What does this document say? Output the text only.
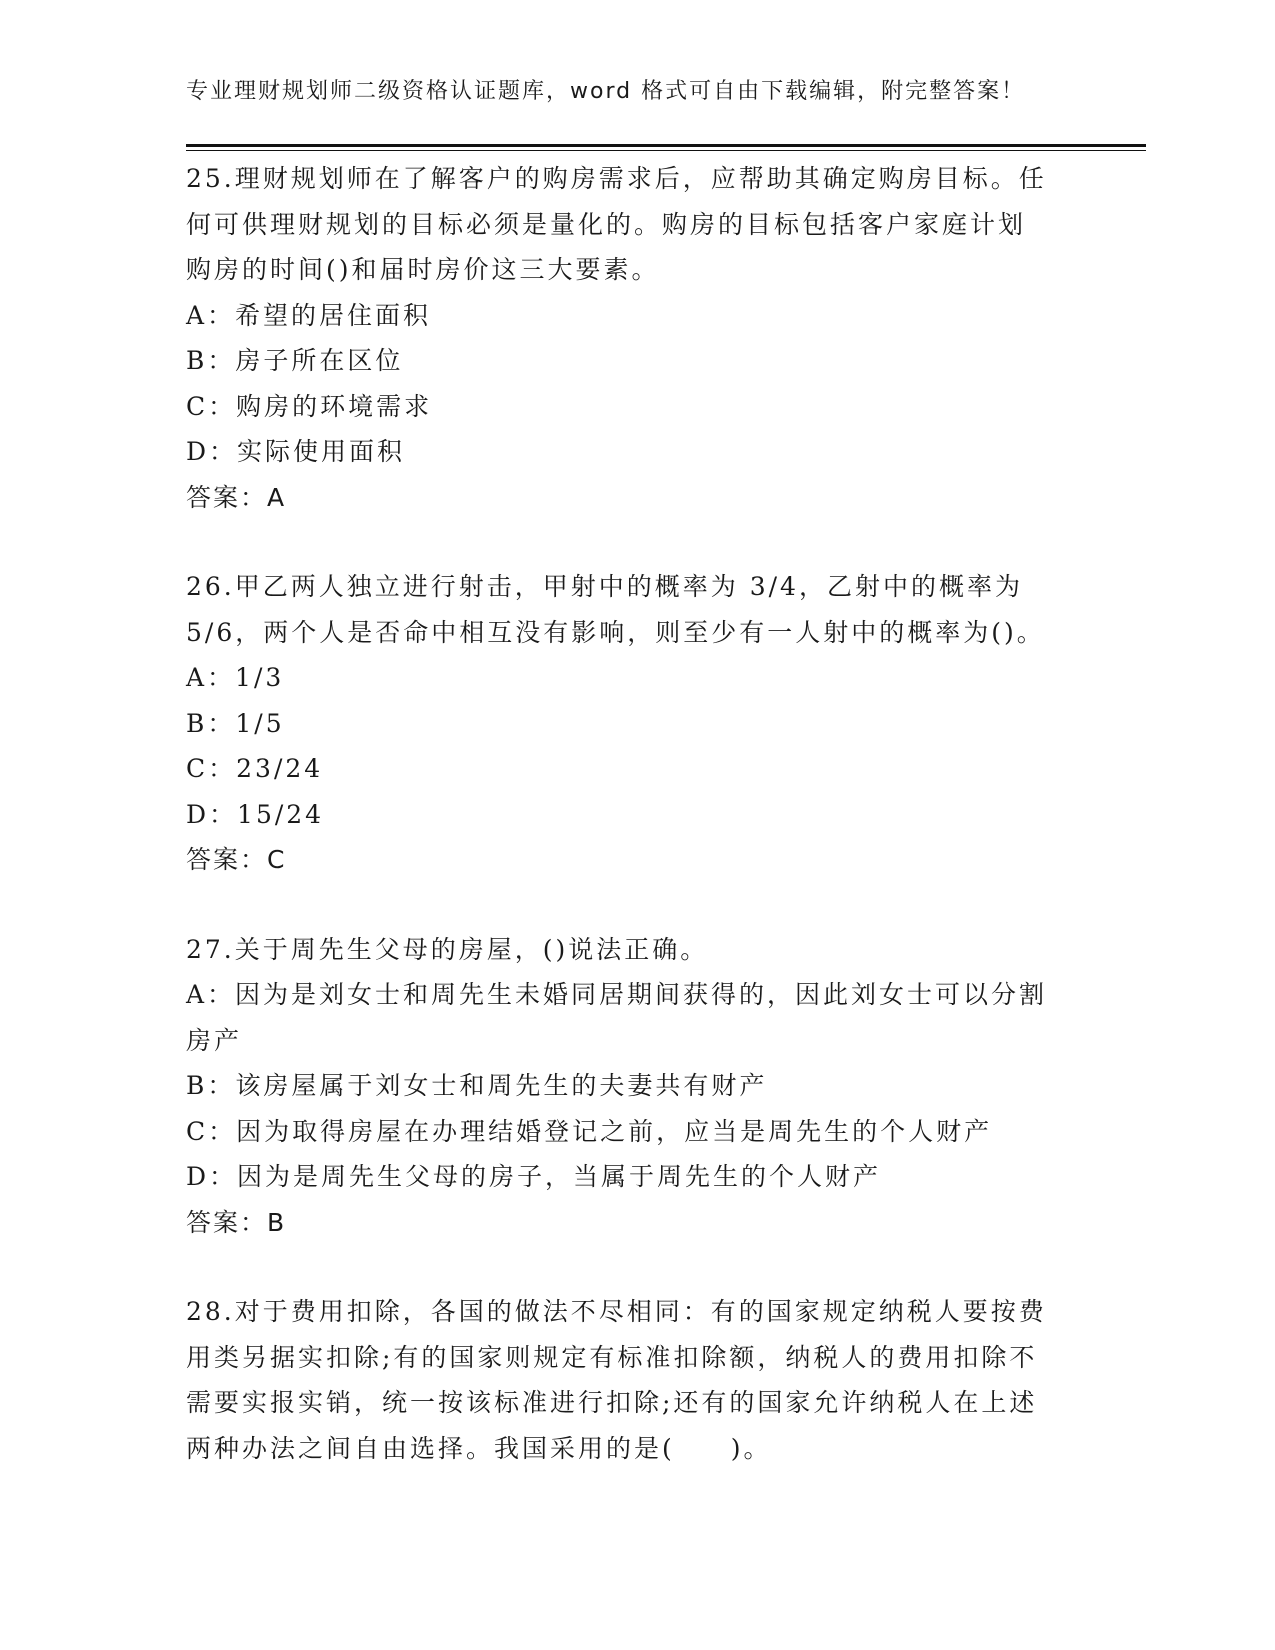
专业理财规划师二级资格认证题库，word 格式可自由下载编辑，附完整答案！
25.理财规划师在了解客户的购房需求后，应帮助其确定购房目标。任
何可供理财规划的目标必须是量化的。购房的目标包括客户家庭计划
购房的时间()和届时房价这三大要素。
A：希望的居住面积
B：房子所在区位
C：购房的环境需求
D：实际使用面积
答案：A
26.甲乙两人独立进行射击，甲射中的概率为 3/4，乙射中的概率为
5/6，两个人是否命中相互没有影响，则至少有一人射中的概率为()。
A：1/3
B：1/5
C：23/24
D：15/24
答案：C
27.关于周先生父母的房屋，()说法正确。
A：因为是刘女士和周先生未婚同居期间获得的，因此刘女士可以分割
房产
B：该房屋属于刘女士和周先生的夫妻共有财产
C：因为取得房屋在办理结婚登记之前，应当是周先生的个人财产
D：因为是周先生父母的房子，当属于周先生的个人财产
答案：B
28.对于费用扣除，各国的做法不尽相同：有的国家规定纳税人要按费
用类另据实扣除;有的国家则规定有标准扣除额，纳税人的费用扣除不
需要实报实销，统一按该标准进行扣除;还有的国家允许纳税人在上述
两种办法之间自由选择。我国采用的是(　　)。
